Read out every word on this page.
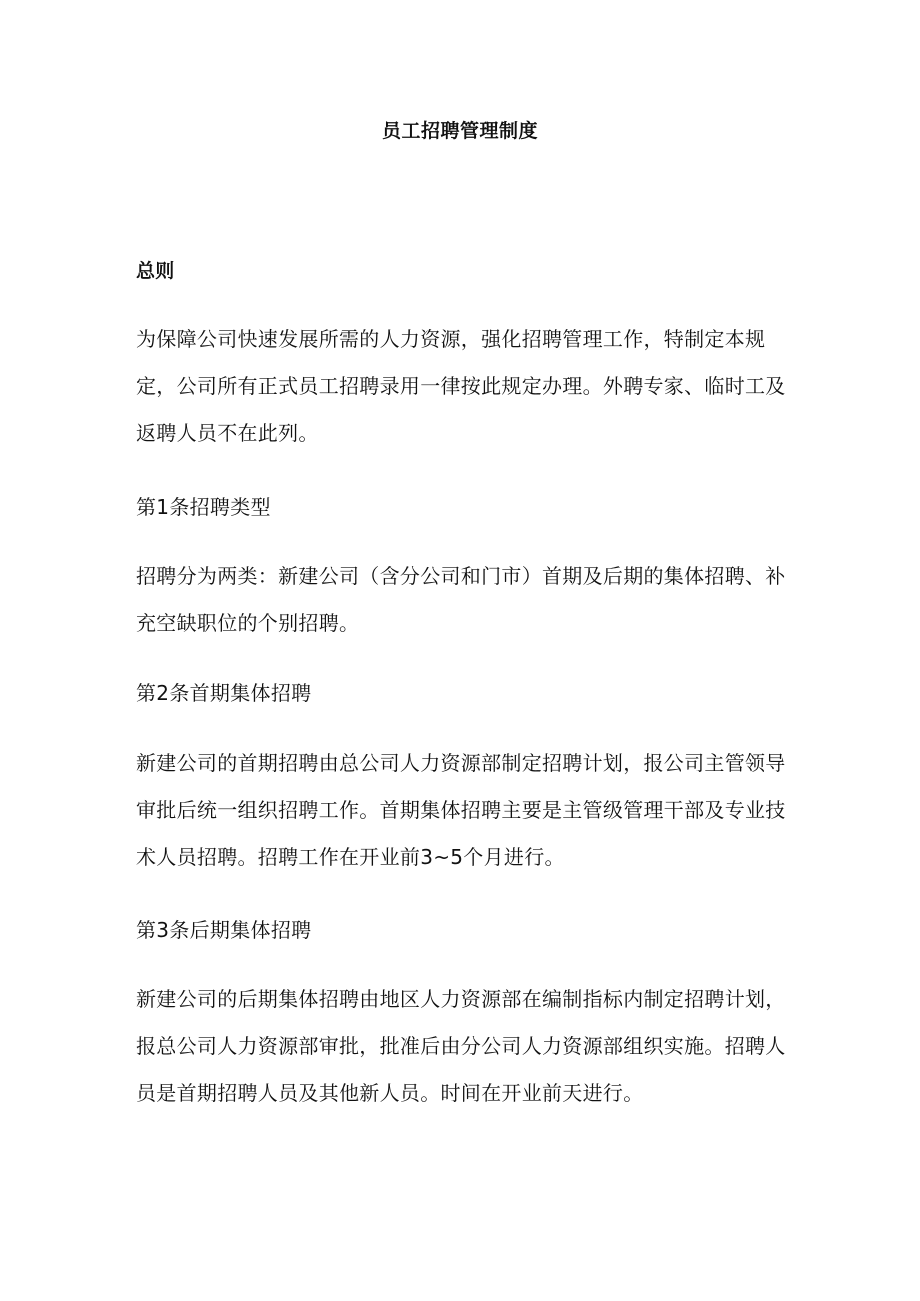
员工招聘管理制度
总则
为保障公司快速发展所需的人力资源，强化招聘管理工作，特制定本规定，公司所有正式员工招聘录用一律按此规定办理。外聘专家、临时工及返聘人员不在此列。
第1条招聘类型
招聘分为两类：新建公司（含分公司和门市）首期及后期的集体招聘、补充空缺职位的个别招聘。
第2条首期集体招聘
新建公司的首期招聘由总公司人力资源部制定招聘计划，报公司主管领导审批后统一组织招聘工作。首期集体招聘主要是主管级管理干部及专业技术人员招聘。招聘工作在开业前3~5个月进行。
第3条后期集体招聘
新建公司的后期集体招聘由地区人力资源部在编制指标内制定招聘计划，报总公司人力资源部审批，批准后由分公司人力资源部组织实施。招聘人员是首期招聘人员及其他新人员。时间在开业前天进行。
